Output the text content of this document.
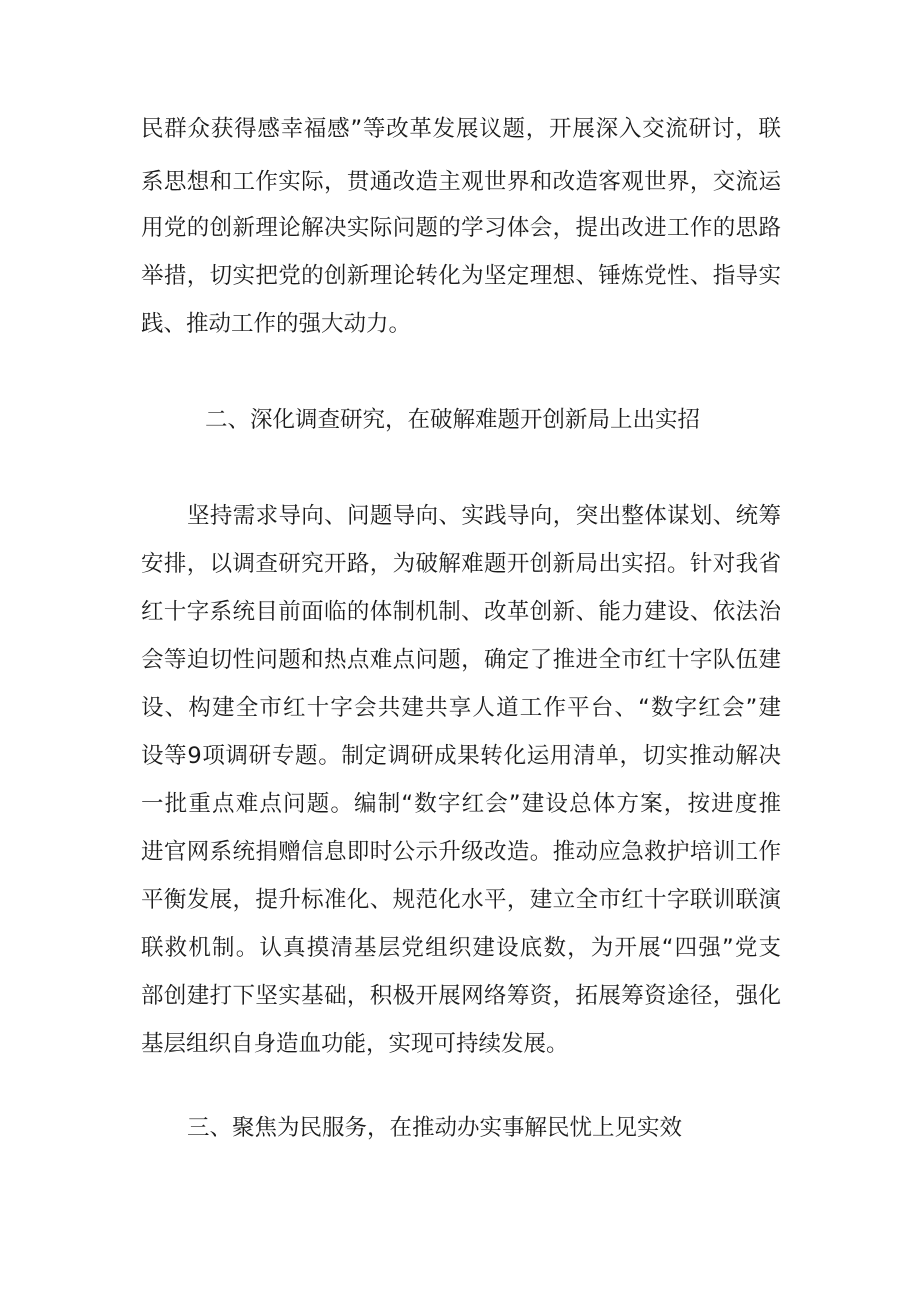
民群众获得感幸福感”等改革发展议题，开展深入交流研讨，联
系思想和工作实际，贯通改造主观世界和改造客观世界，交流运
用党的创新理论解决实际问题的学习体会，提出改进工作的思路
举措，切实把党的创新理论转化为坚定理想、锤炼党性、指导实
践、推动工作的强大动力。
二、深化调查研究，在破解难题开创新局上出实招
坚持需求导向、问题导向、实践导向，突出整体谋划、统筹
安排，以调查研究开路，为破解难题开创新局出实招。针对我省
红十字系统目前面临的体制机制、改革创新、能力建设、依法治
会等迫切性问题和热点难点问题，确定了推进全市红十字队伍建
设、构建全市红十字会共建共享人道工作平台、“数字红会”建
设等9项调研专题。制定调研成果转化运用清单，切实推动解决
一批重点难点问题。编制“数字红会”建设总体方案，按进度推
进官网系统捐赠信息即时公示升级改造。推动应急救护培训工作
平衡发展，提升标准化、规范化水平，建立全市红十字联训联演
联救机制。认真摸清基层党组织建设底数，为开展“四强”党支
部创建打下坚实基础，积极开展网络筹资，拓展筹资途径，强化
基层组织自身造血功能，实现可持续发展。
三、聚焦为民服务，在推动办实事解民忧上见实效
